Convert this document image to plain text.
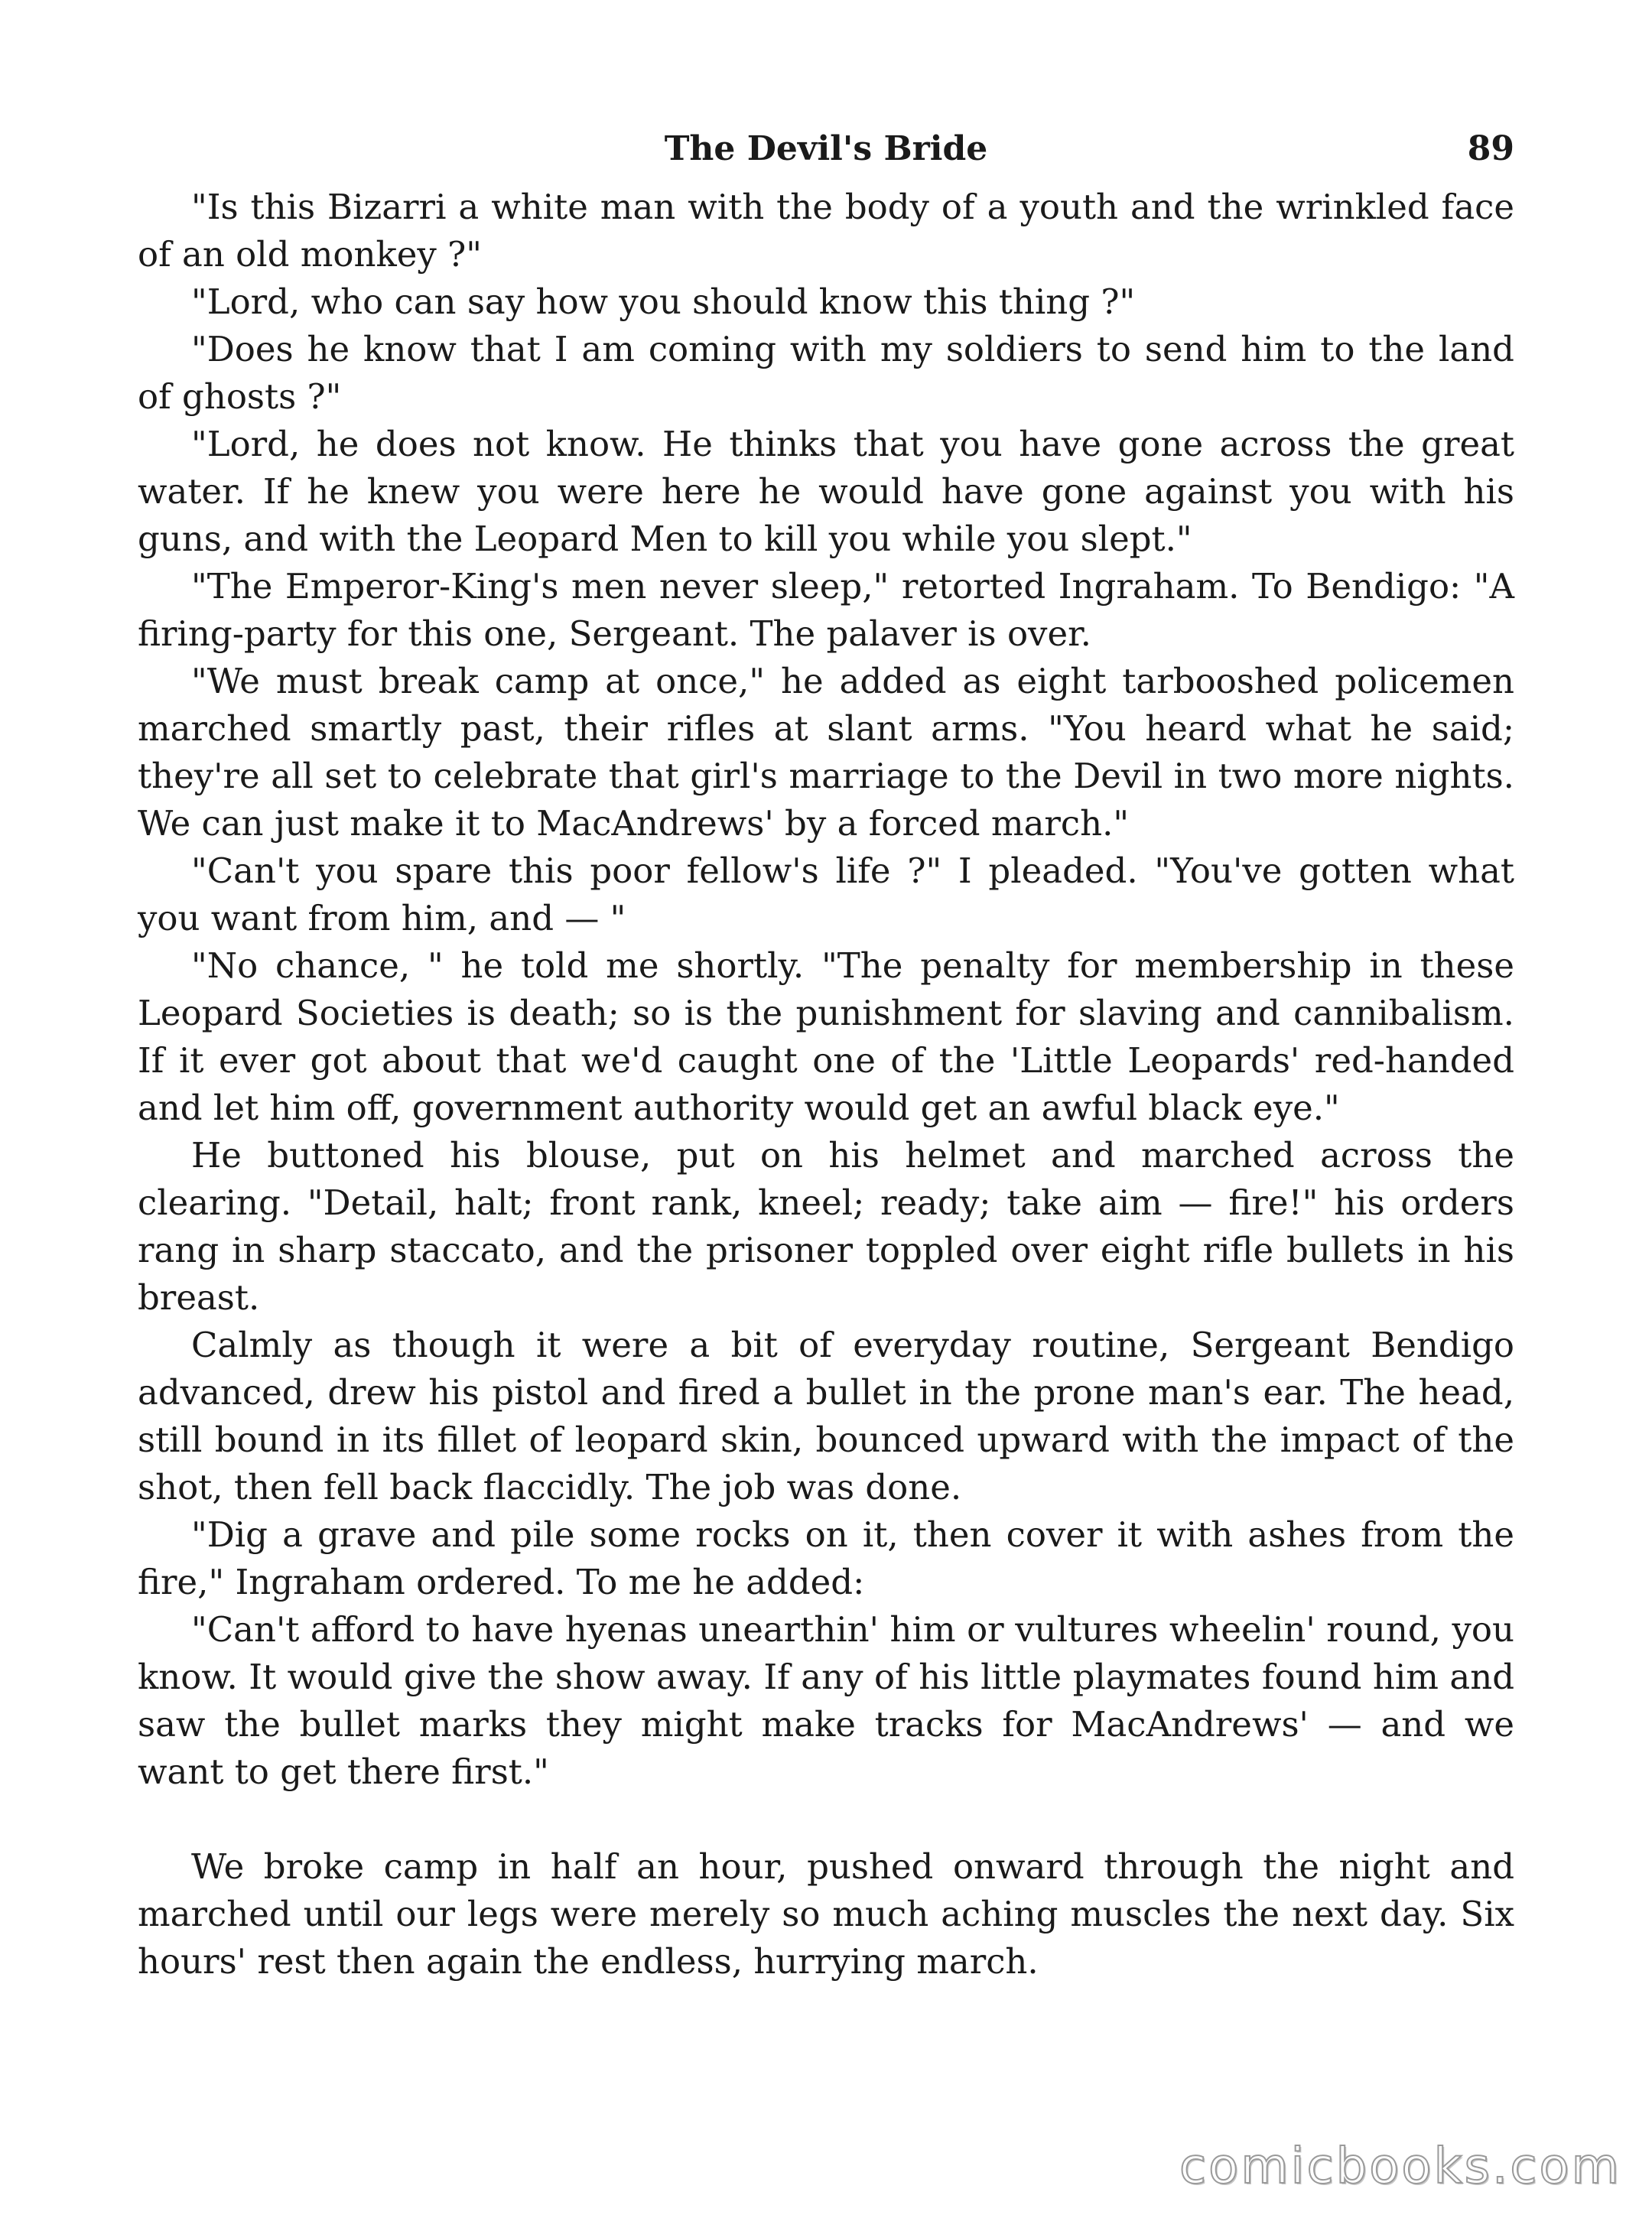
The Devil's Bride	89

"Is this Bizarri a white man with the body of a youth and the wrinkled face of an old monkey ?"

"Lord, who can say how you should know this thing ?"

"Does he know that I am coming with my soldiers to send him to the land of ghosts ?"

"Lord, he does not know. He thinks that you have gone across the great water. If he knew you were here he would have gone against you with his guns, and with the Leopard Men to kill you while you slept."

"The Emperor-King's men never sleep," retorted Ingraham. To Bendigo: "A firing-party for this one, Sergeant. The palaver is over.

"We must break camp at once," he added as eight tarbooshed policemen marched smartly past, their rifles at slant arms. "You heard what he said; they're all set to celebrate that girl's marriage to the Devil in two more nights. We can just make it to MacAndrews' by a forced march."

"Can't you spare this poor fellow's life ?" I pleaded. "You've gotten what you want from him, and — "

"No chance, " he told me shortly. "The penalty for membership in these Leopard Societies is death; so is the punishment for slaving and cannibalism. If it ever got about that we'd caught one of the 'Little Leopards' red-handed and let him off, government authority would get an awful black eye."

He buttoned his blouse, put on his helmet and marched across the clearing. "Detail, halt; front rank, kneel; ready; take aim — fire!" his orders rang in sharp staccato, and the prisoner toppled over eight rifle bullets in his breast.

Calmly as though it were a bit of everyday routine, Sergeant Bendigo advanced, drew his pistol and fired a bullet in the prone man's ear. The head, still bound in its fillet of leopard skin, bounced upward with the impact of the shot, then fell back flaccidly. The job was done.

"Dig a grave and pile some rocks on it, then cover it with ashes from the fire," Ingraham ordered. To me he added:

"Can't afford to have hyenas unearthin' him or vultures wheelin' round, you know. It would give the show away. If any of his little playmates found him and saw the bullet marks they might make tracks for MacAndrews' — and we want to get there first."

We broke camp in half an hour, pushed onward through the night and marched until our legs were merely so much aching muscles the next day. Six hours' rest then again the endless, hurrying march.

comicbooks.com
